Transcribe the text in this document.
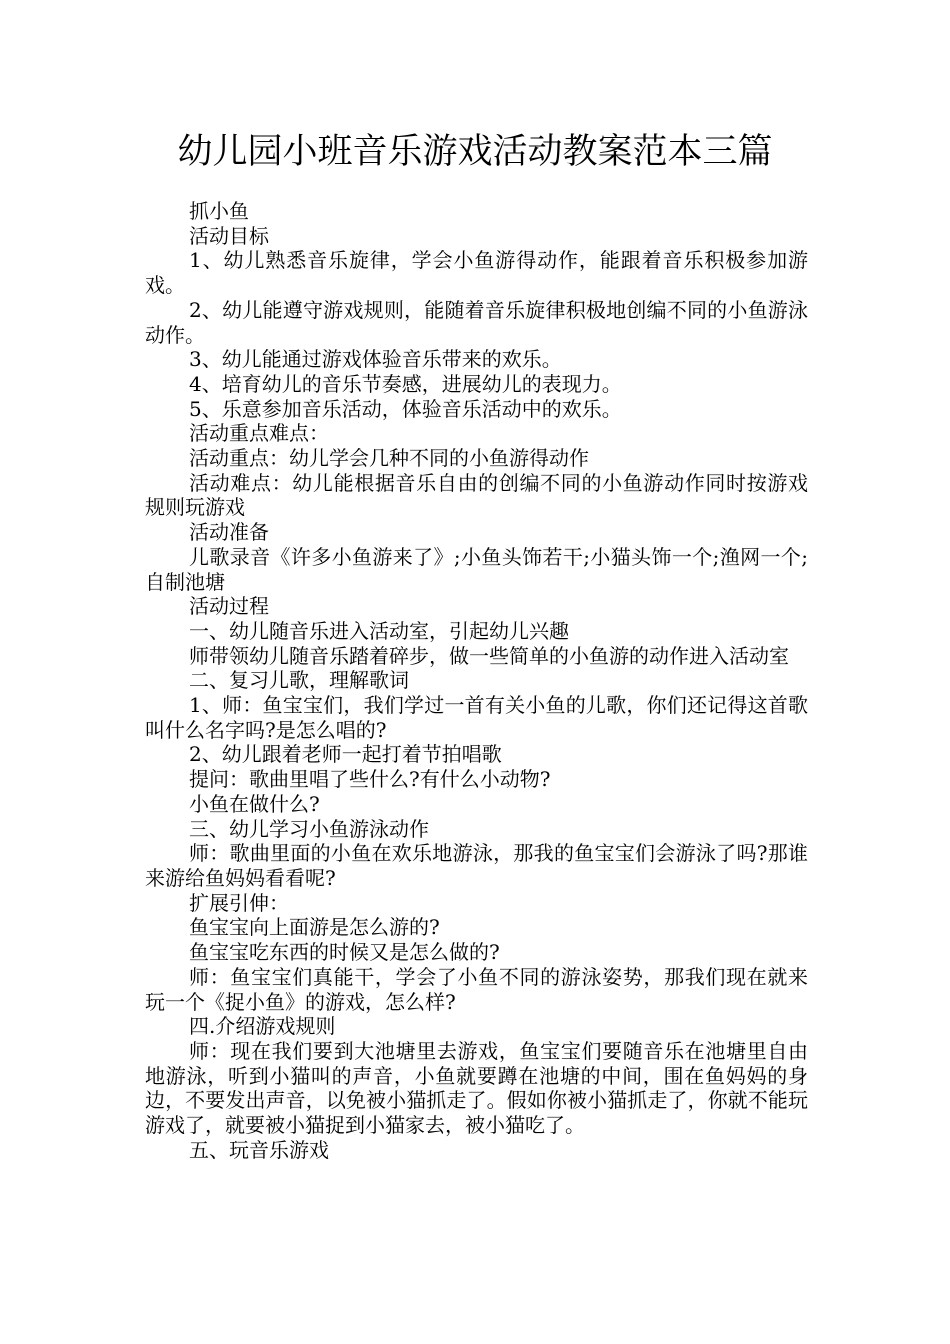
幼儿园小班音乐游戏活动教案范本三篇

抓小鱼

活动目标

1、幼儿熟悉音乐旋律，学会小鱼游得动作，能跟着音乐积极参加游戏。

2、幼儿能遵守游戏规则，能随着音乐旋律积极地创编不同的小鱼游泳动作。

3、幼儿能通过游戏体验音乐带来的欢乐。

4、培育幼儿的音乐节奏感，进展幼儿的表现力。

5、乐意参加音乐活动，体验音乐活动中的欢乐。

活动重点难点：

活动重点：幼儿学会几种不同的小鱼游得动作

活动难点：幼儿能根据音乐自由的创编不同的小鱼游动作同时按游戏规则玩游戏

活动准备

儿歌录音《许多小鱼游来了》;小鱼头饰若干;小猫头饰一个;渔网一个;自制池塘

活动过程

一、幼儿随音乐进入活动室，引起幼儿兴趣

师带领幼儿随音乐踏着碎步，做一些简单的小鱼游的动作进入活动室

二、复习儿歌，理解歌词

1、师：鱼宝宝们，我们学过一首有关小鱼的儿歌，你们还记得这首歌叫什么名字吗?是怎么唱的?

2、幼儿跟着老师一起打着节拍唱歌

提问：歌曲里唱了些什么?有什么小动物?

小鱼在做什么?

三、幼儿学习小鱼游泳动作

师：歌曲里面的小鱼在欢乐地游泳，那我的鱼宝宝们会游泳了吗?那谁来游给鱼妈妈看看呢?

扩展引伸：

鱼宝宝向上面游是怎么游的?

鱼宝宝吃东西的时候又是怎么做的?

师：鱼宝宝们真能干，学会了小鱼不同的游泳姿势，那我们现在就来玩一个《捉小鱼》的游戏，怎么样?

四.介绍游戏规则

师：现在我们要到大池塘里去游戏，鱼宝宝们要随音乐在池塘里自由地游泳，听到小猫叫的声音，小鱼就要蹲在池塘的中间，围在鱼妈妈的身边，不要发出声音，以免被小猫抓走了。假如你被小猫抓走了，你就不能玩游戏了，就要被小猫捉到小猫家去，被小猫吃了。

五、玩音乐游戏
